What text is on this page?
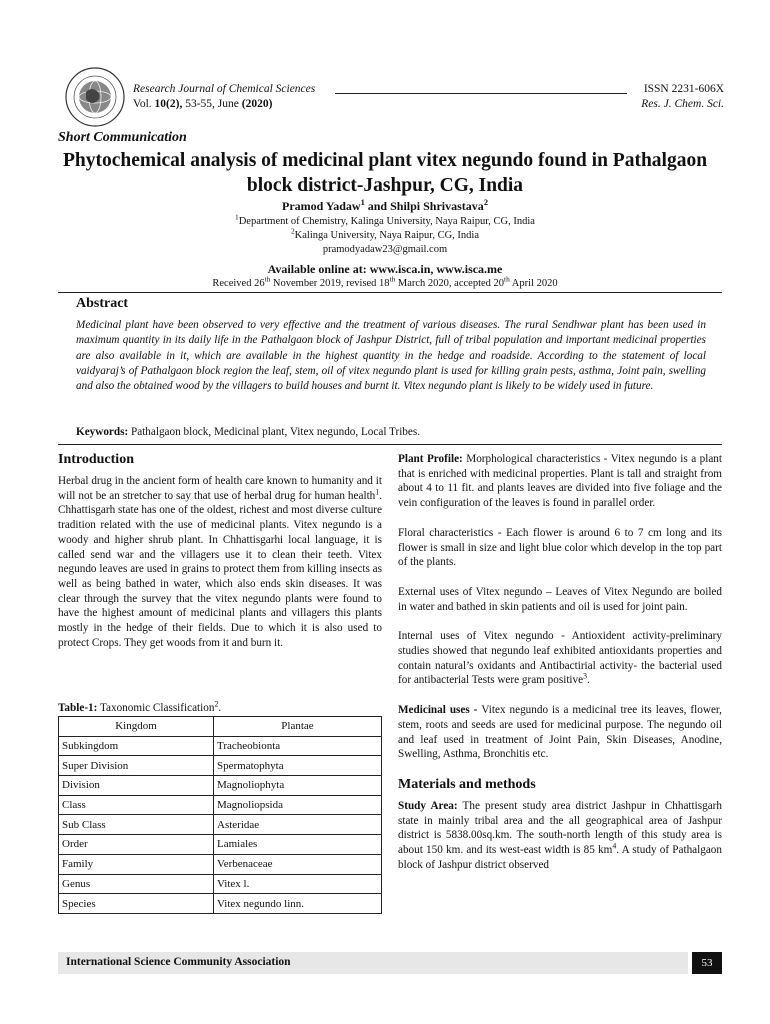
Research Journal of Chemical Sciences
Vol. 10(2), 53-55, June (2020)
ISSN 2231-606X
Res. J. Chem. Sci.
Short Communication
Phytochemical analysis of medicinal plant vitex negundo found in Pathalgaon block district-Jashpur, CG, India
Pramod Yadaw$^1$ and Shilpi Shrivastava$^2$
$^1$Department of Chemistry, Kalinga University, Naya Raipur, CG, India
$^2$Kalinga University, Naya Raipur, CG, India
pramodyadaw23@gmail.com
Available online at: www.isca.in, www.isca.me
Received 26th November 2019, revised 18th March 2020, accepted 20th April 2020
Abstract
Medicinal plant have been observed to very effective and the treatment of various diseases. The rural Sendhwar plant has been used in maximum quantity in its daily life in the Pathalgaon block of Jashpur District, full of tribal population and important medicinal properties are also available in it, which are available in the highest quantity in the hedge and roadside. According to the statement of local vaidyaraj’s of Pathalgaon block region the leaf, stem, oil of vitex negundo plant is used for killing grain pests, asthma, Joint pain, swelling and also the obtained wood by the villagers to build houses and burnt it. Vitex negundo plant is likely to be widely used in future.
Keywords: Pathalgaon block, Medicinal plant, Vitex negundo, Local Tribes.
Introduction

Herbal drug in the ancient form of health care known to humanity and it will not be an stretcher to say that use of herbal drug for human health$^1$. Chhattisgarh state has one of the oldest, richest and most diverse culture tradition related with the use of medicinal plants. Vitex negundo is a woody and higher shrub plant. In Chhattisgarhi local language, it is called send war and the villagers use it to clean their teeth. Vitex negundo leaves are used in grains to protect them from killing insects as well as being bathed in water, which also ends skin diseases. It was clear through the survey that the vitex negundo plants were found to have the highest amount of medicinal plants and villagers this plants mostly in the hedge of their fields. Due to which it is also used to protect Crops. They get woods from it and burn it.

Table-1: Taxonomic Classification$^2$.
Kingdom	Plantae
Subkingdom	Tracheobionta
Super Division	Spermatophyta
Division	Magnoliophyta
Class	Magnoliopsida
Sub Class	Asteridae
Order	Lamiales
Family	Verbenaceae
Genus	Vitex l.
Species	Vitex negundo linn.

Plant Profile: Morphological characteristics - Vitex negundo is a plant that is enriched with medicinal properties. Plant is tall and straight from about 4 to 11 fit. and plants leaves are divided into five foliage and the vein configuration of the leaves is found in parallel order.

Floral characteristics - Each flower is around 6 to 7 cm long and its flower is small in size and light blue color which develop in the top part of the plants.

External uses of Vitex negundo – Leaves of Vitex Negundo are boiled in water and bathed in skin patients and oil is used for joint pain.

Internal uses of Vitex negundo - Antioxident activity-preliminary studies showed that negundo leaf exhibited antioxidants properties and contain natural’s oxidants and Antibactirial activity- the bacterial used for antibacterial Tests were gram positive$^3$.

Medicinal uses - Vitex negundo is a medicinal tree its leaves, flower, stem, roots and seeds are used for medicinal purpose. The negundo oil and leaf used in treatment of Joint Pain, Skin Diseases, Anodine, Swelling, Asthma, Bronchitis etc.

Materials and methods

Study Area: The present study area district Jashpur in Chhattisgarh state in mainly tribal area and the all geographical area of Jashpur district is 5838.00sq.km. The south-north length of this study area is about 150 km. and its west-east width is 85 $km^4$. A study of Pathalgaon block of Jashpur district observed

International Science Community Association	53
